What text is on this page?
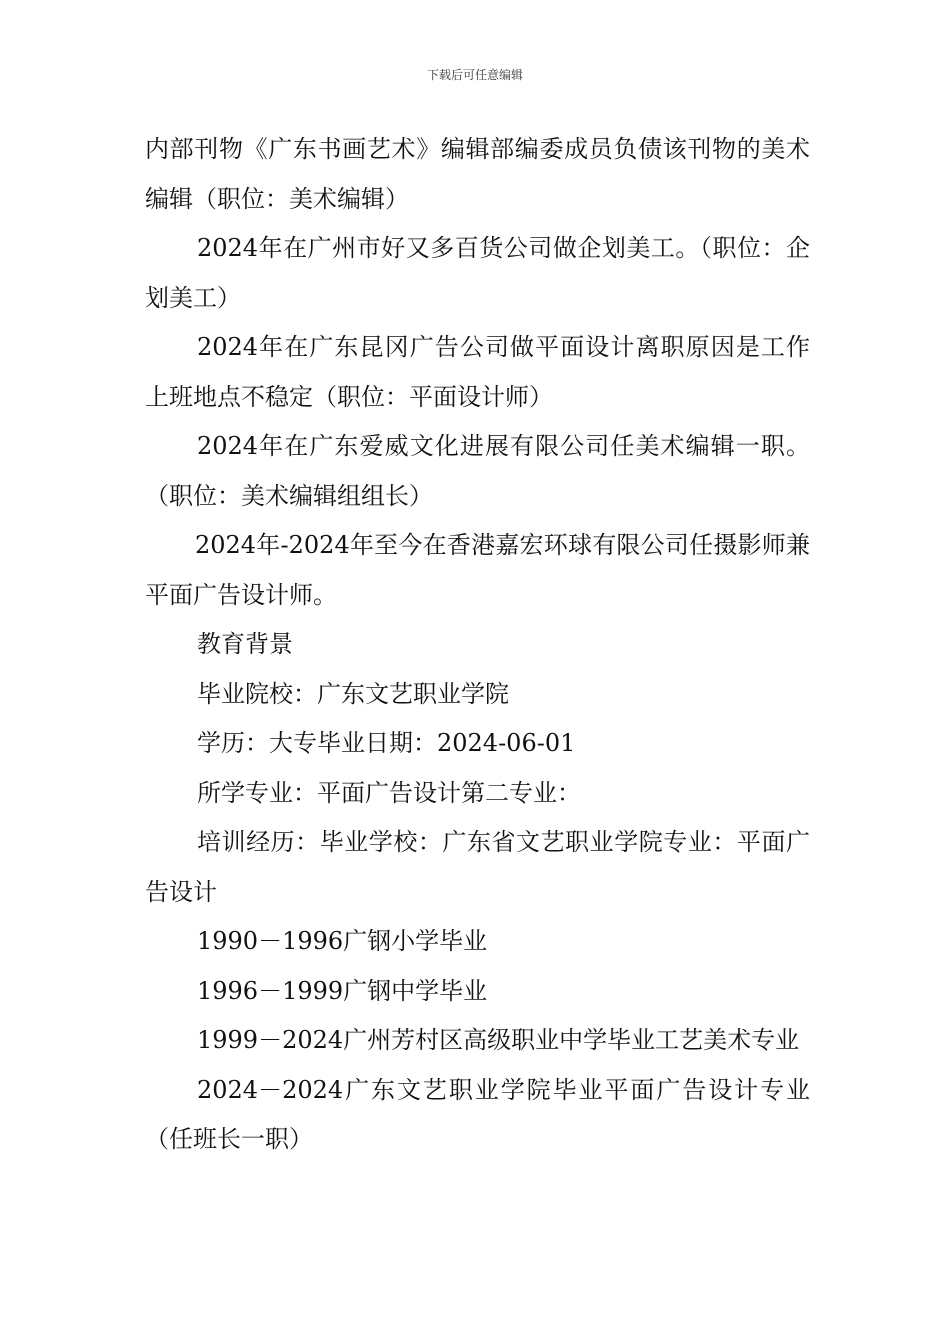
下载后可任意编辑

内部刊物《广东书画艺术》编辑部编委成员负债该刊物的美术编辑（职位：美术编辑）

2024年在广州市好又多百货公司做企划美工。（职位：企划美工）

2024年在广东昆冈广告公司做平面设计离职原因是工作上班地点不稳定（职位：平面设计师）

2024年在广东爱威文化进展有限公司任美术编辑一职。（职位：美术编辑组组长）

2024年-2024年至今在香港嘉宏环球有限公司任摄影师兼平面广告设计师。

教育背景

毕业院校：广东文艺职业学院

学历：大专毕业日期：2024-06-01

所学专业：平面广告设计第二专业：

培训经历：毕业学校：广东省文艺职业学院专业：平面广告设计

1990－1996广钢小学毕业

1996－1999广钢中学毕业

1999－2024广州芳村区高级职业中学毕业工艺美术专业

2024－2024广东文艺职业学院毕业平面广告设计专业（任班长一职）
